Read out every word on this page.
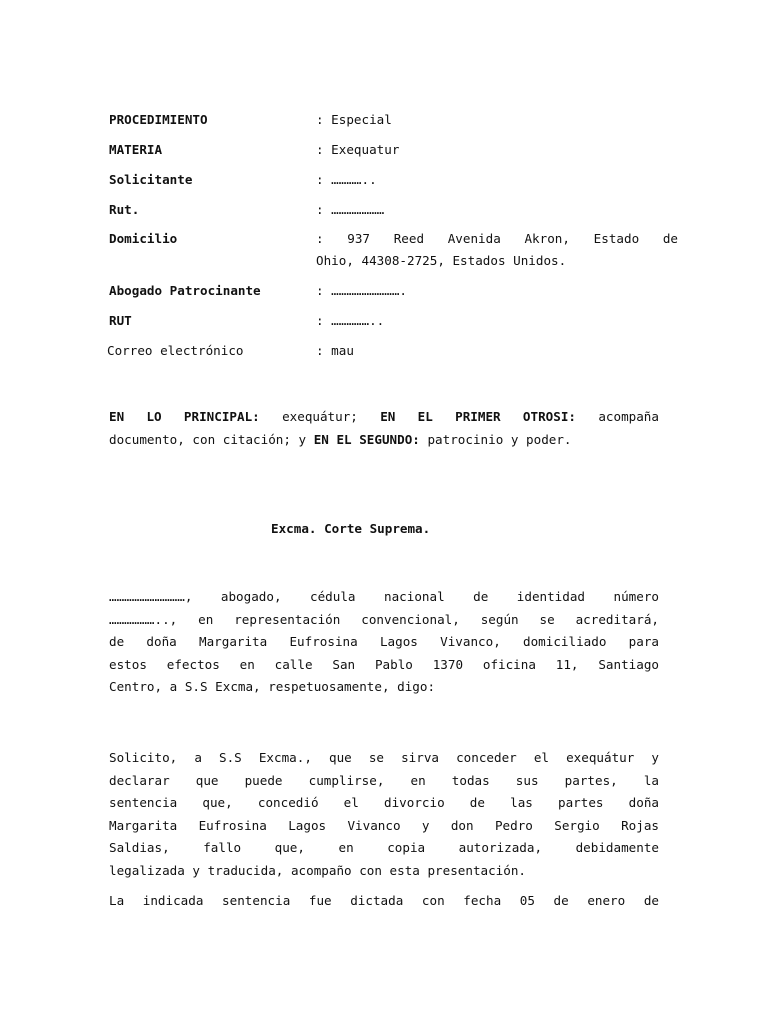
PROCEDIMIENTO	: Especial
MATERIA	: Exequatur
Solicitante	: …………..
Rut.	: …………………
Domicilio	: 937 Reed Avenida Akron, Estado de
Ohio, 44308-2725, Estados Unidos.
Abogado Patrocinante	: ……………………….
RUT	: ……………..
Correo electrónico	: mau
EN LO PRINCIPAL: exequátur; EN EL PRIMER OTROSI: acompaña
documento, con citación; y EN EL SEGUNDO: patrocinio y poder.
Excma. Corte Suprema.
…………………………, abogado, cédula nacional de identidad número
……………….., en representación convencional, según se acreditará,
de doña Margarita Eufrosina Lagos Vivanco, domiciliado para
estos efectos en calle San Pablo 1370 oficina 11, Santiago
Centro, a S.S Excma, respetuosamente, digo:
Solicito, a S.S Excma., que se sirva conceder el exequátur y
declarar que puede cumplirse, en todas sus partes, la
sentencia que, concedió el divorcio de las partes doña
Margarita Eufrosina Lagos Vivanco y don Pedro Sergio Rojas
Saldias, fallo que, en copia autorizada, debidamente
legalizada y traducida, acompaño con esta presentación.
La indicada sentencia fue dictada con fecha 05 de enero de
